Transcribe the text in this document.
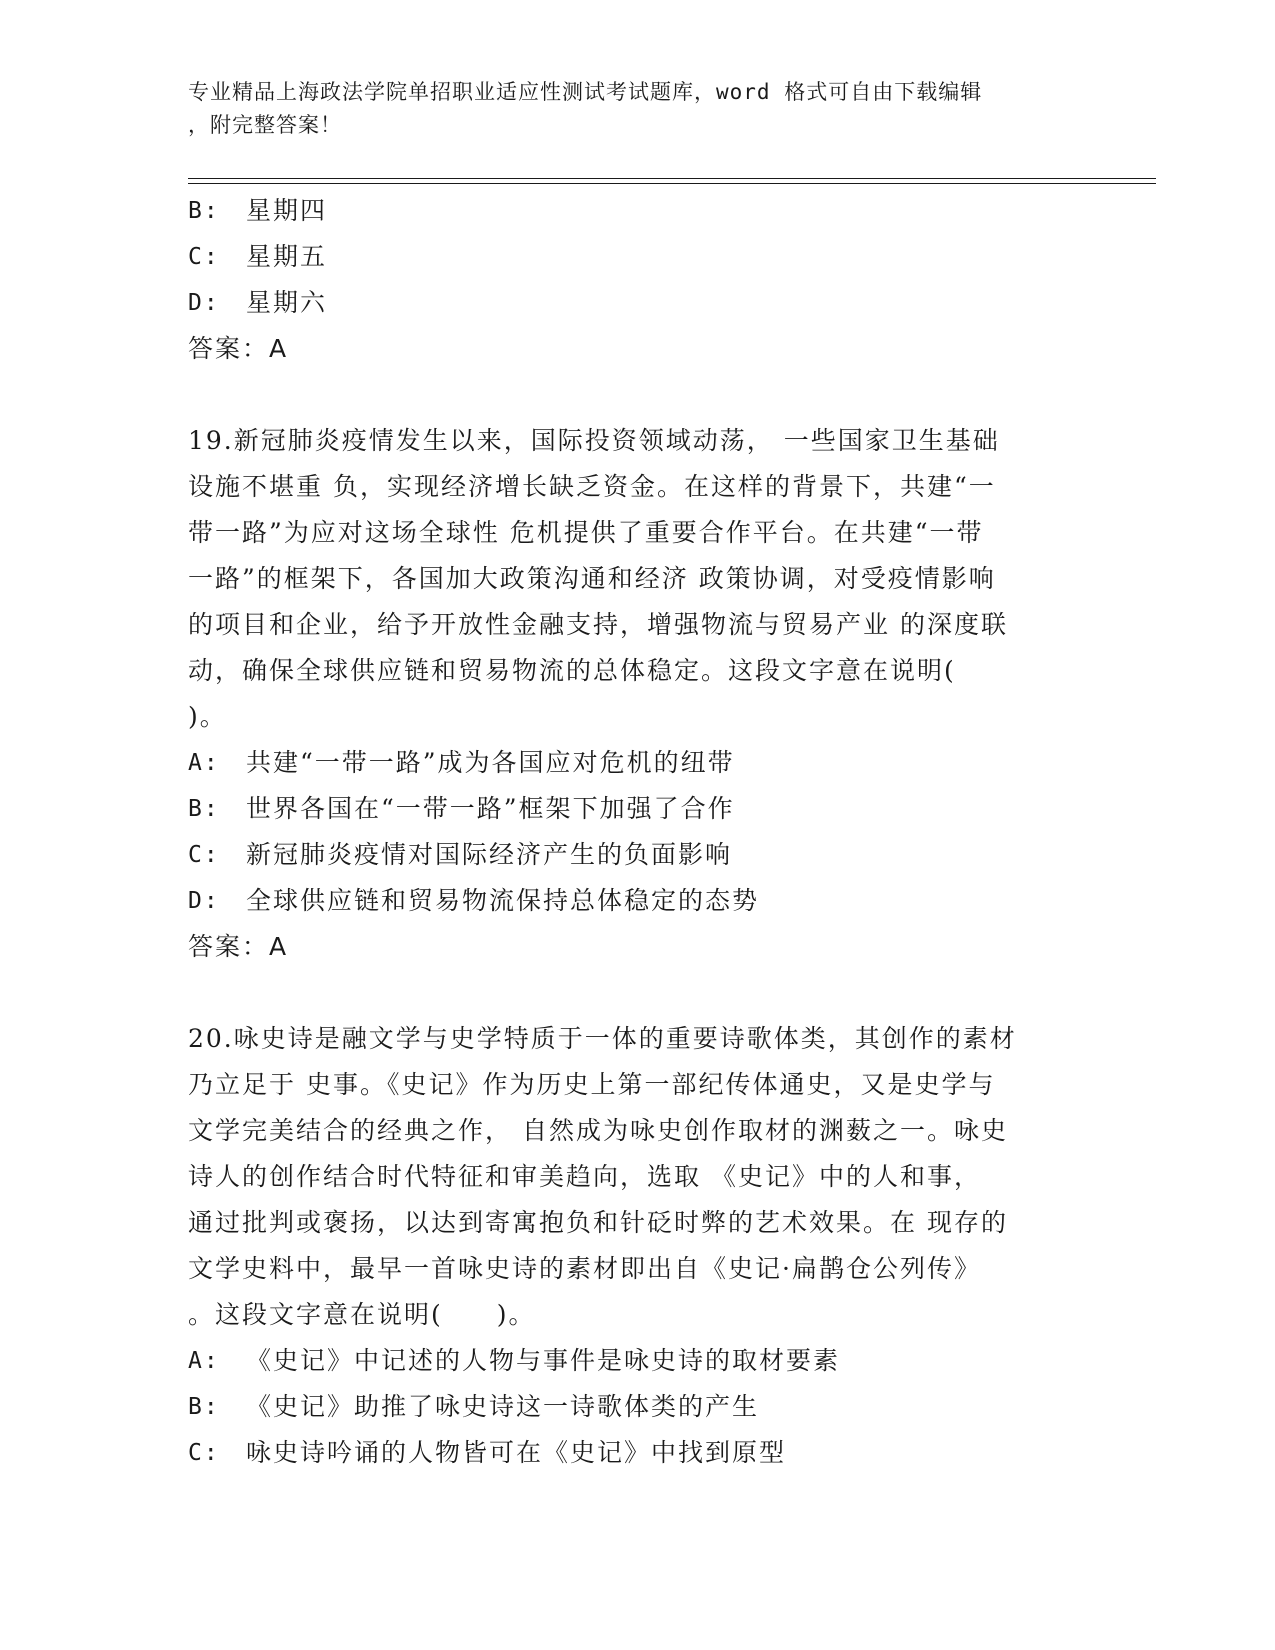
专业精品上海政法学院单招职业适应性测试考试题库，word 格式可自由下载编辑
，附完整答案！
B:	星期四
C:	星期五
D:	星期六
答案：A
19.新冠肺炎疫情发生以来，国际投资领域动荡， 一些国家卫生基础
设施不堪重 负，实现经济增长缺乏资金。在这样的背景下，共建“一
带一路”为应对这场全球性 危机提供了重要合作平台。在共建“一带
一路”的框架下，各国加大政策沟通和经济 政策协调，对受疫情影响
的项目和企业，给予开放性金融支持，增强物流与贸易产业 的深度联
动，确保全球供应链和贸易物流的总体稳定。这段文字意在说明(
)。
A:	共建“一带一路”成为各国应对危机的纽带
B:	世界各国在“一带一路”框架下加强了合作
C:	新冠肺炎疫情对国际经济产生的负面影响
D:	全球供应链和贸易物流保持总体稳定的态势
答案：A
20.咏史诗是融文学与史学特质于一体的重要诗歌体类，其创作的素材
乃立足于 史事。《史记》作为历史上第一部纪传体通史，又是史学与
文学完美结合的经典之作， 自然成为咏史创作取材的渊薮之一。咏史
诗人的创作结合时代特征和审美趋向，选取 《史记》中的人和事，
通过批判或褒扬，以达到寄寓抱负和针砭时弊的艺术效果。在 现存的
文学史料中，最早一首咏史诗的素材即出自《史记·扁鹊仓公列传》
。这段文字意在说明(　　)。
A:	《史记》中记述的人物与事件是咏史诗的取材要素
B:	《史记》助推了咏史诗这一诗歌体类的产生
C:	咏史诗吟诵的人物皆可在《史记》中找到原型
